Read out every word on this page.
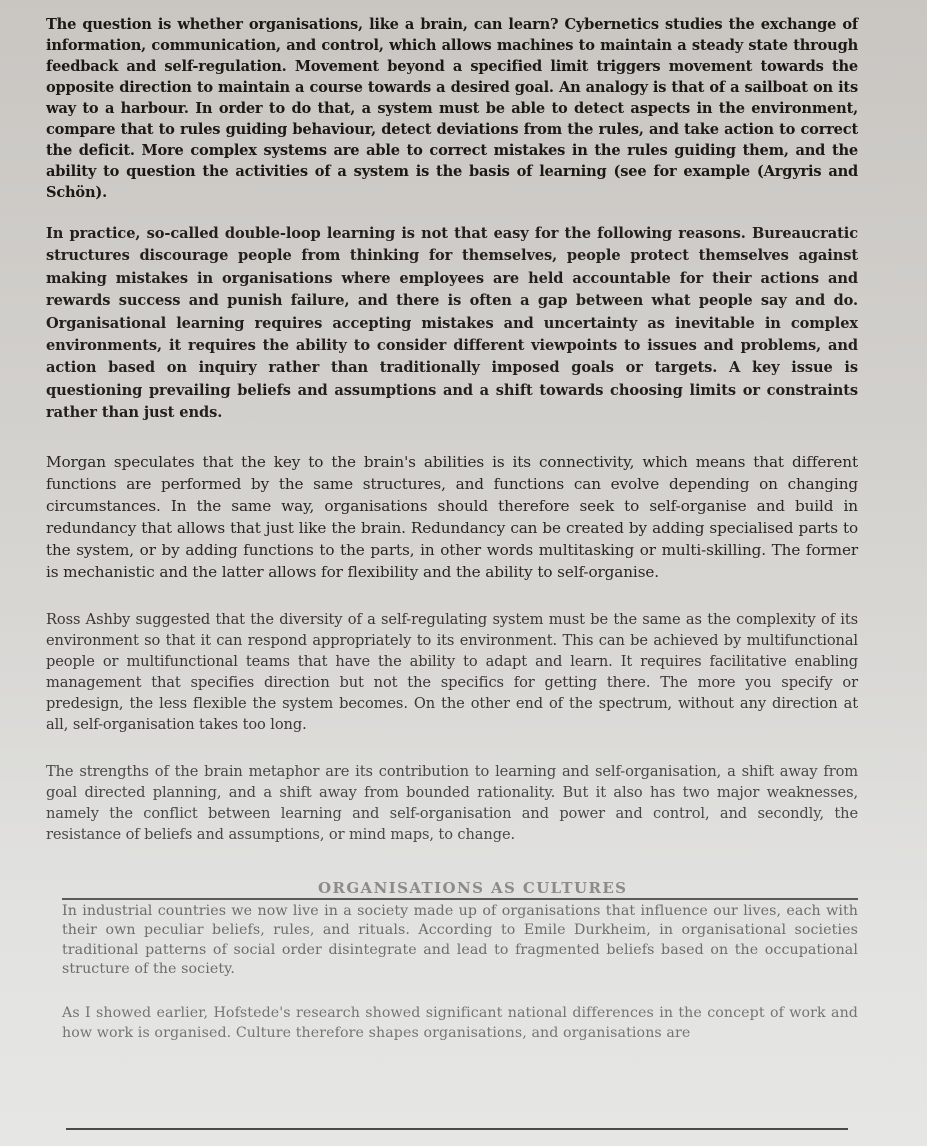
The question is whether organisations, like a brain, can learn? Cybernetics studies the exchange of information, communication, and control, which allows machines to maintain a steady state through feedback and self-regulation. Movement beyond a specified limit triggers movement towards the opposite direction to maintain a course towards a desired goal. An analogy is that of a sailboat on its way to a harbour. In order to do that, a system must be able to detect aspects in the environment, compare that to rules guiding behaviour, detect deviations from the rules, and take action to correct the deficit. More complex systems are able to correct mistakes in the rules guiding them, and the ability to question the activities of a system is the basis of learning (see for example (Argyris and Schön).

In practice, so-called double-loop learning is not that easy for the following reasons. Bureaucratic structures discourage people from thinking for themselves, people protect themselves against making mistakes in organisations where employees are held accountable for their actions and rewards success and punish failure, and there is often a gap between what people say and do. Organisational learning requires accepting mistakes and uncertainty as inevitable in complex environments, it requires the ability to consider different viewpoints to issues and problems, and action based on inquiry rather than traditionally imposed goals or targets. A key issue is questioning prevailing beliefs and assumptions and a shift towards choosing limits or constraints rather than just ends.

Morgan speculates that the key to the brain's abilities is its connectivity, which means that different functions are performed by the same structures, and functions can evolve depending on changing circumstances. In the same way, organisations should therefore seek to self-organise and build in redundancy that allows that just like the brain. Redundancy can be created by adding specialised parts to the system, or by adding functions to the parts, in other words multitasking or multi-skilling. The former is mechanistic and the latter allows for flexibility and the ability to self-organise.

Ross Ashby suggested that the diversity of a self-regulating system must be the same as the complexity of its environment so that it can respond appropriately to its environment. This can be achieved by multifunctional people or multifunctional teams that have the ability to adapt and learn. It requires facilitative enabling management that specifies direction but not the specifics for getting there. The more you specify or predesign, the less flexible the system becomes. On the other end of the spectrum, without any direction at all, self-organisation takes too long.

The strengths of the brain metaphor are its contribution to learning and self-organisation, a shift away from goal directed planning, and a shift away from bounded rationality. But it also has two major weaknesses, namely the conflict between learning and self-organisation and power and control, and secondly, the resistance of beliefs and assumptions, or mind maps, to change.

ORGANISATIONS AS CULTURES

In industrial countries we now live in a society made up of organisations that influence our lives, each with their own peculiar beliefs, rules, and rituals. According to Emile Durkheim, in organisational societies traditional patterns of social order disintegrate and lead to fragmented beliefs based on the occupational structure of the society.

As I showed earlier, Hofstede's research showed significant national differences in the concept of work and how work is organised. Culture therefore shapes organisations, and organisations are
